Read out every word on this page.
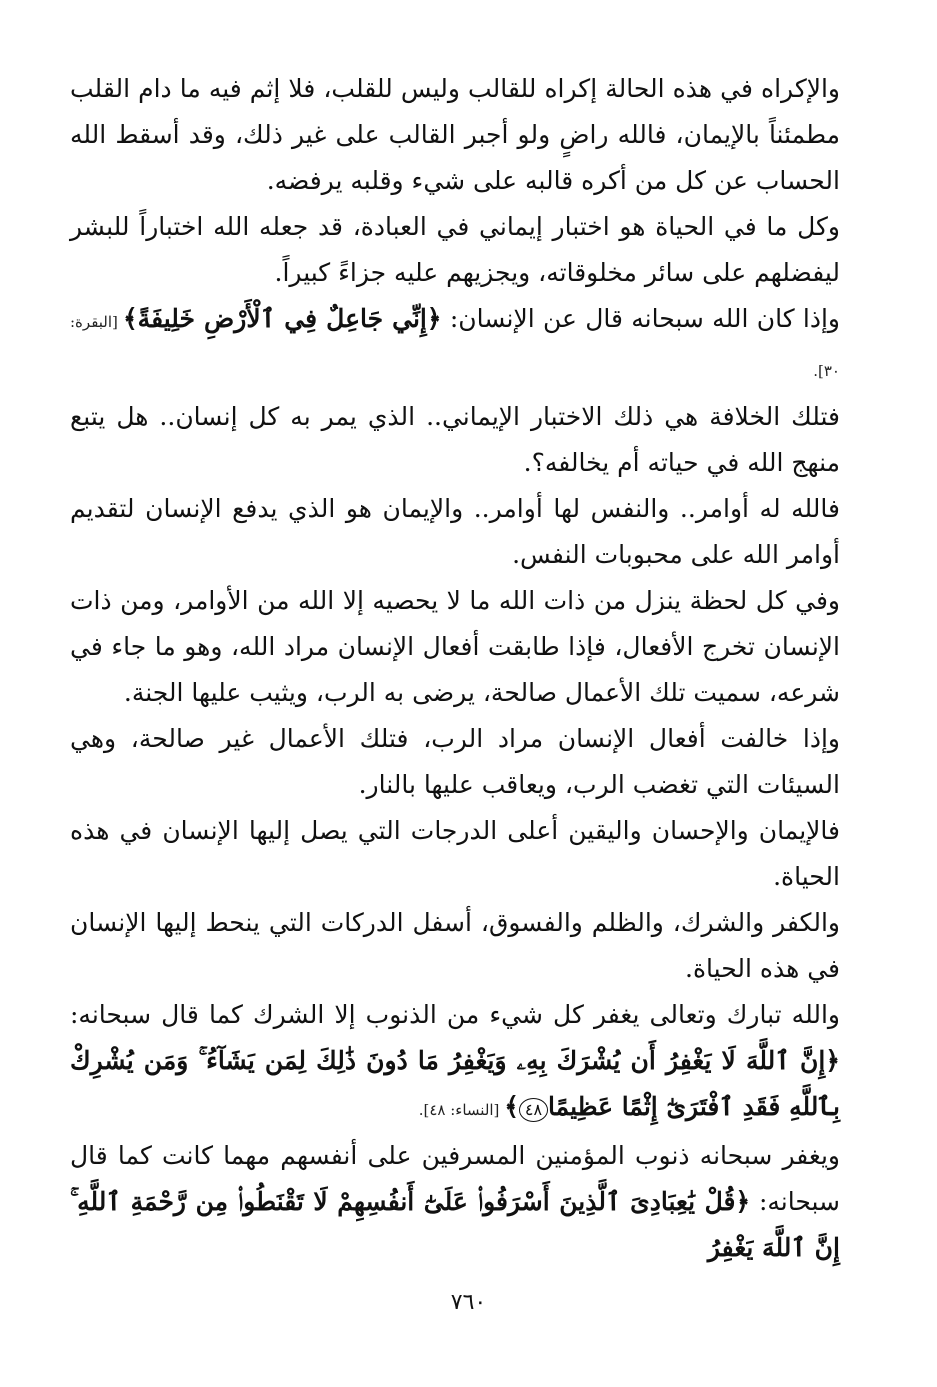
والإكراه في هذه الحالة إكراه للقالب وليس للقلب، فلا إثم فيه ما دام القلب مطمئناً بالإيمان، فالله راضٍ ولو أجبر القالب على غير ذلك، وقد أسقط الله الحساب عن كل من أكره قالبه على شيء وقلبه يرفضه.

وكل ما في الحياة هو اختبار إيماني في العبادة، قد جعله الله اختباراً للبشر ليفضلهم على سائر مخلوقاته، ويجزيهم عليه جزاءً كبيراً.

وإذا كان الله سبحانه قال عن الإنسان: ﴿إِنِّي جَاعِلٌ فِي ٱلْأَرْضِ خَلِيفَةً﴾ [البقرة: ٣٠].

فتلك الخلافة هي ذلك الاختبار الإيماني.. الذي يمر به كل إنسان.. هل يتبع منهج الله في حياته أم يخالفه؟.

فالله له أوامر.. والنفس لها أوامر.. والإيمان هو الذي يدفع الإنسان لتقديم أوامر الله على محبوبات النفس.

وفي كل لحظة ينزل من ذات الله ما لا يحصيه إلا الله من الأوامر، ومن ذات الإنسان تخرج الأفعال، فإذا طابقت أفعال الإنسان مراد الله، وهو ما جاء في شرعه، سميت تلك الأعمال صالحة، يرضى به الرب، ويثيب عليها الجنة.

وإذا خالفت أفعال الإنسان مراد الرب، فتلك الأعمال غير صالحة، وهي السيئات التي تغضب الرب، ويعاقب عليها بالنار.

فالإيمان والإحسان واليقين أعلى الدرجات التي يصل إليها الإنسان في هذه الحياة.

والكفر والشرك، والظلم والفسوق، أسفل الدركات التي ينحط إليها الإنسان في هذه الحياة.

والله تبارك وتعالى يغفر كل شيء من الذنوب إلا الشرك كما قال سبحانه: ﴿إِنَّ ٱللَّهَ لَا يَغْفِرُ أَن يُشْرَكَ بِهِۦ وَيَغْفِرُ مَا دُونَ ذَٰلِكَ لِمَن يَشَآءُ ۚ وَمَن يُشْرِكْ بِٱللَّهِ فَقَدِ ٱفْتَرَىٰٓ إِثْمًا عَظِيمًا٤٨﴾ [النساء: ٤٨].

ويغفر سبحانه ذنوب المؤمنين المسرفين على أنفسهم مهما كانت كما قال سبحانه: ﴿قُلْ يَٰعِبَادِىَ ٱلَّذِينَ أَسْرَفُوا۟ عَلَىٰٓ أَنفُسِهِمْ لَا تَقْنَطُوا۟ مِن رَّحْمَةِ ٱللَّهِ ۚ إِنَّ ٱللَّهَ يَغْفِرُ

٧٦٠
